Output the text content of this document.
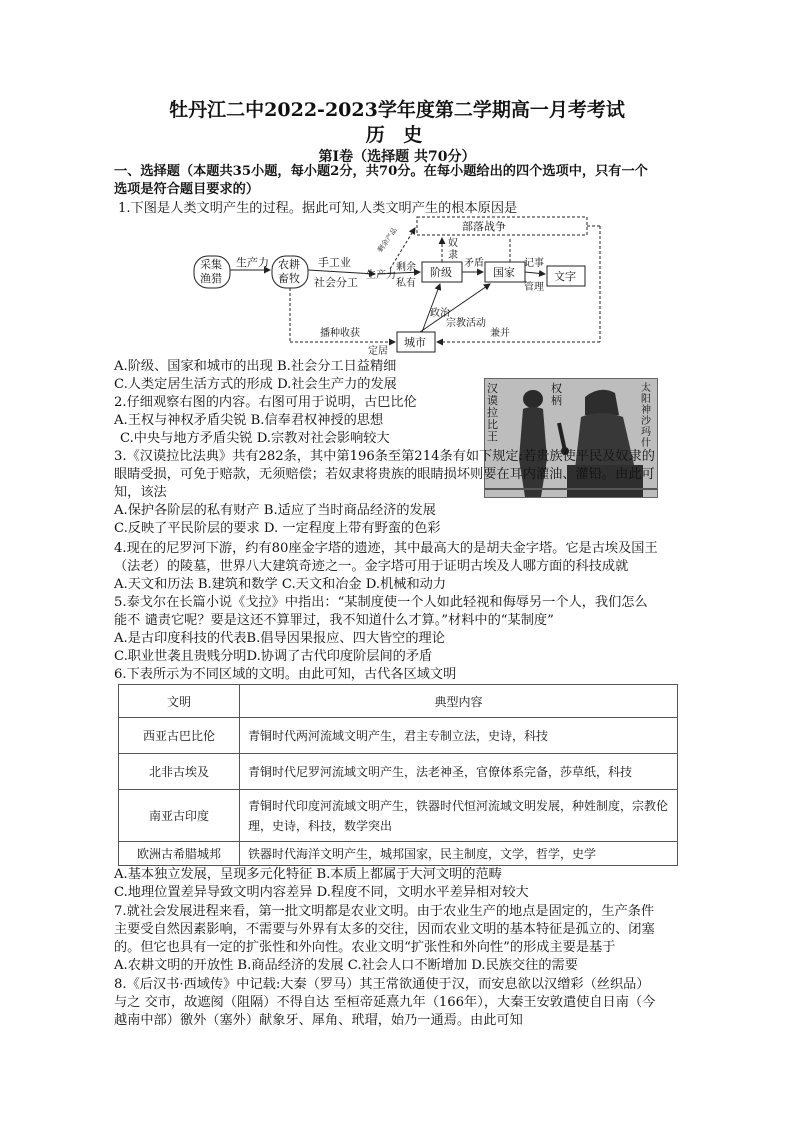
牡丹江二中2022-2023学年度第二学期高一月考考试
历 史
第Ⅰ卷（选择题 共70分）
一、选择题（本题共35小题，每小题2分，共70分。在每小题给出的四个选项中，只有一个
选项是符合题目要求的）
1.下图是人类文明产生的过程。据此可知,人类文明产生的根本原因是
采集
渔猎
农耕
畜牧	阶级	国家	文字
城市
部落战争
生产力	手工业
社会分工
生产力
剩余
私有
奴
隶
矛盾	记事
管理
政治
宗教活动
播种收获
定居
兼并
剩余产品
A.阶级、国家和城市的出现 B.社会分工日益精细
C.人类定居生活方式的形成 D.社会生产力的发展
2.仔细观察右图的内容。右图可用于说明，古巴比伦
A.王权与神权矛盾尖锐 B.信奉君权神授的思想
C.中央与地方矛盾尖锐 D.宗教对社会影响较大
汉
谟
拉
比
王
权
柄
太
阳
神
沙
玛
什
3.《汉谟拉比法典》共有282条，其中第196条至第214条有如下规定:若贵族使平民及奴隶的
眼睛受损，可免于赔款，无须赔偿；若奴隶将贵族的眼睛损坏则要在耳内灌油、灌铅。由此可
知，该法
A.保护各阶层的私有财产 B.适应了当时商品经济的发展
C.反映了平民阶层的要求 D. 一定程度上带有野蛮的色彩
4.现在的尼罗河下游，约有80座金字塔的遗迹，其中最高大的是胡夫金字塔。它是古埃及国王
（法老）的陵墓，世界八大建筑奇迹之一。金字塔可用于证明古埃及人哪方面的科技成就
A.天文和历法 B.建筑和数学 C.天文和冶金 D.机械和动力
5.泰戈尔在长篇小说《戈拉》中指出：“某制度使一个人如此轻视和侮辱另一个人，我们怎么
能不 谴责它呢？要是这还不算罪过，我不知道什么才算。”材料中的“某制度”
A.是古印度科技的代表B.倡导因果报应、四大皆空的理论
C.职业世袭且贵贱分明D.协调了古代印度阶层间的矛盾
6.下表所示为不同区域的文明。由此可知，古代各区域文明
文明	典型内容
西亚古巴比伦	青铜时代两河流域文明产生，君主专制立法，史诗，科技
北非古埃及	青铜时代尼罗河流域文明产生，法老神圣，官僚体系完备，莎草纸，科技
南亚古印度	青铜时代印度河流域文明产生，铁器时代恒河流域文明发展，种姓制度，宗教伦理，史诗，科技，数学突出
欧洲古希腊城邦	铁器时代海洋文明产生，城邦国家，民主制度，文学，哲学，史学
A.基本独立发展，呈现多元化特征 B.本质上都属于大河文明的范畴
C.地理位置差异导致文明内容差异 D.程度不同，文明水平差异相对较大
7.就社会发展进程来看，第一批文明都是农业文明。由于农业生产的地点是固定的，生产条件
主要受自然因素影响，不需要与外界有太多的交往，因而农业文明的基本特征是孤立的、闭塞
的。但它也具有一定的扩张性和外向性。农业文明“扩张性和外向性”的形成主要是基于
A.农耕文明的开放性 B.商品经济的发展 C.社会人口不断增加 D.民族交往的需要
8.《后汉书·西域传》中记载:大秦（罗马）其王常欲通使于汉，而安息欲以汉缯彩（丝织品）
与之 交市，故遮阂（阻隔）不得自达 至桓帝延熹九年（166年），大秦王安敦遣使自日南（今
越南中部）徼外（塞外）献象牙、犀角、玳瑁，始乃一通焉。由此可知
